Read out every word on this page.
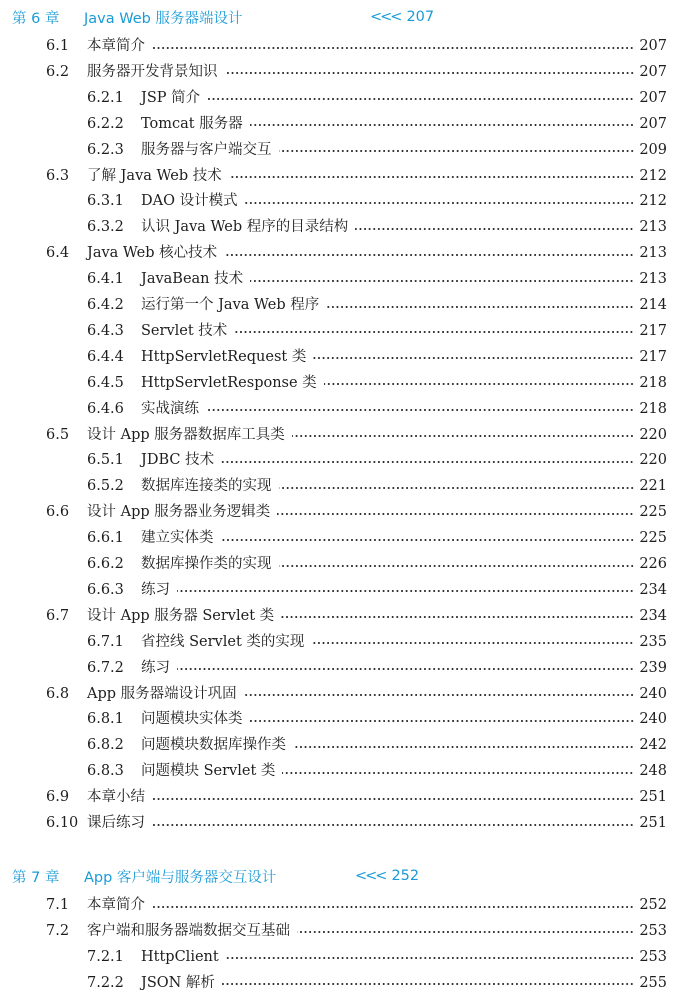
第 6 章 Java Web 服务器端设计	<<< 207
6.1 本章简介	207
6.2 服务器开发背景知识	207
6.2.1 JSP 简介	207
6.2.2 Tomcat 服务器	207
6.2.3 服务器与客户端交互	209
6.3 了解 Java Web 技术	212
6.3.1 DAO 设计模式	212
6.3.2 认识 Java Web 程序的目录结构	213
6.4 Java Web 核心技术	213
6.4.1 JavaBean 技术	213
6.4.2 运行第一个 Java Web 程序	214
6.4.3 Servlet 技术	217
6.4.4 HttpServletRequest 类	217
6.4.5 HttpServletResponse 类	218
6.4.6 实战演练	218
6.5 设计 App 服务器数据库工具类	220
6.5.1 JDBC 技术	220
6.5.2 数据库连接类的实现	221
6.6 设计 App 服务器业务逻辑类	225
6.6.1 建立实体类	225
6.6.2 数据库操作类的实现	226
6.6.3 练习	234
6.7 设计 App 服务器 Servlet 类	234
6.7.1 省控线 Servlet 类的实现	235
6.7.2 练习	239
6.8 App 服务器端设计巩固	240
6.8.1 问题模块实体类	240
6.8.2 问题模块数据库操作类	242
6.8.3 问题模块 Servlet 类	248
6.9 本章小结	251
6.10 课后练习	251
第 7 章 App 客户端与服务器交互设计	<<< 252
7.1 本章简介	252
7.2 客户端和服务器端数据交互基础	253
7.2.1 HttpClient	253
7.2.2 JSON 解析	255
